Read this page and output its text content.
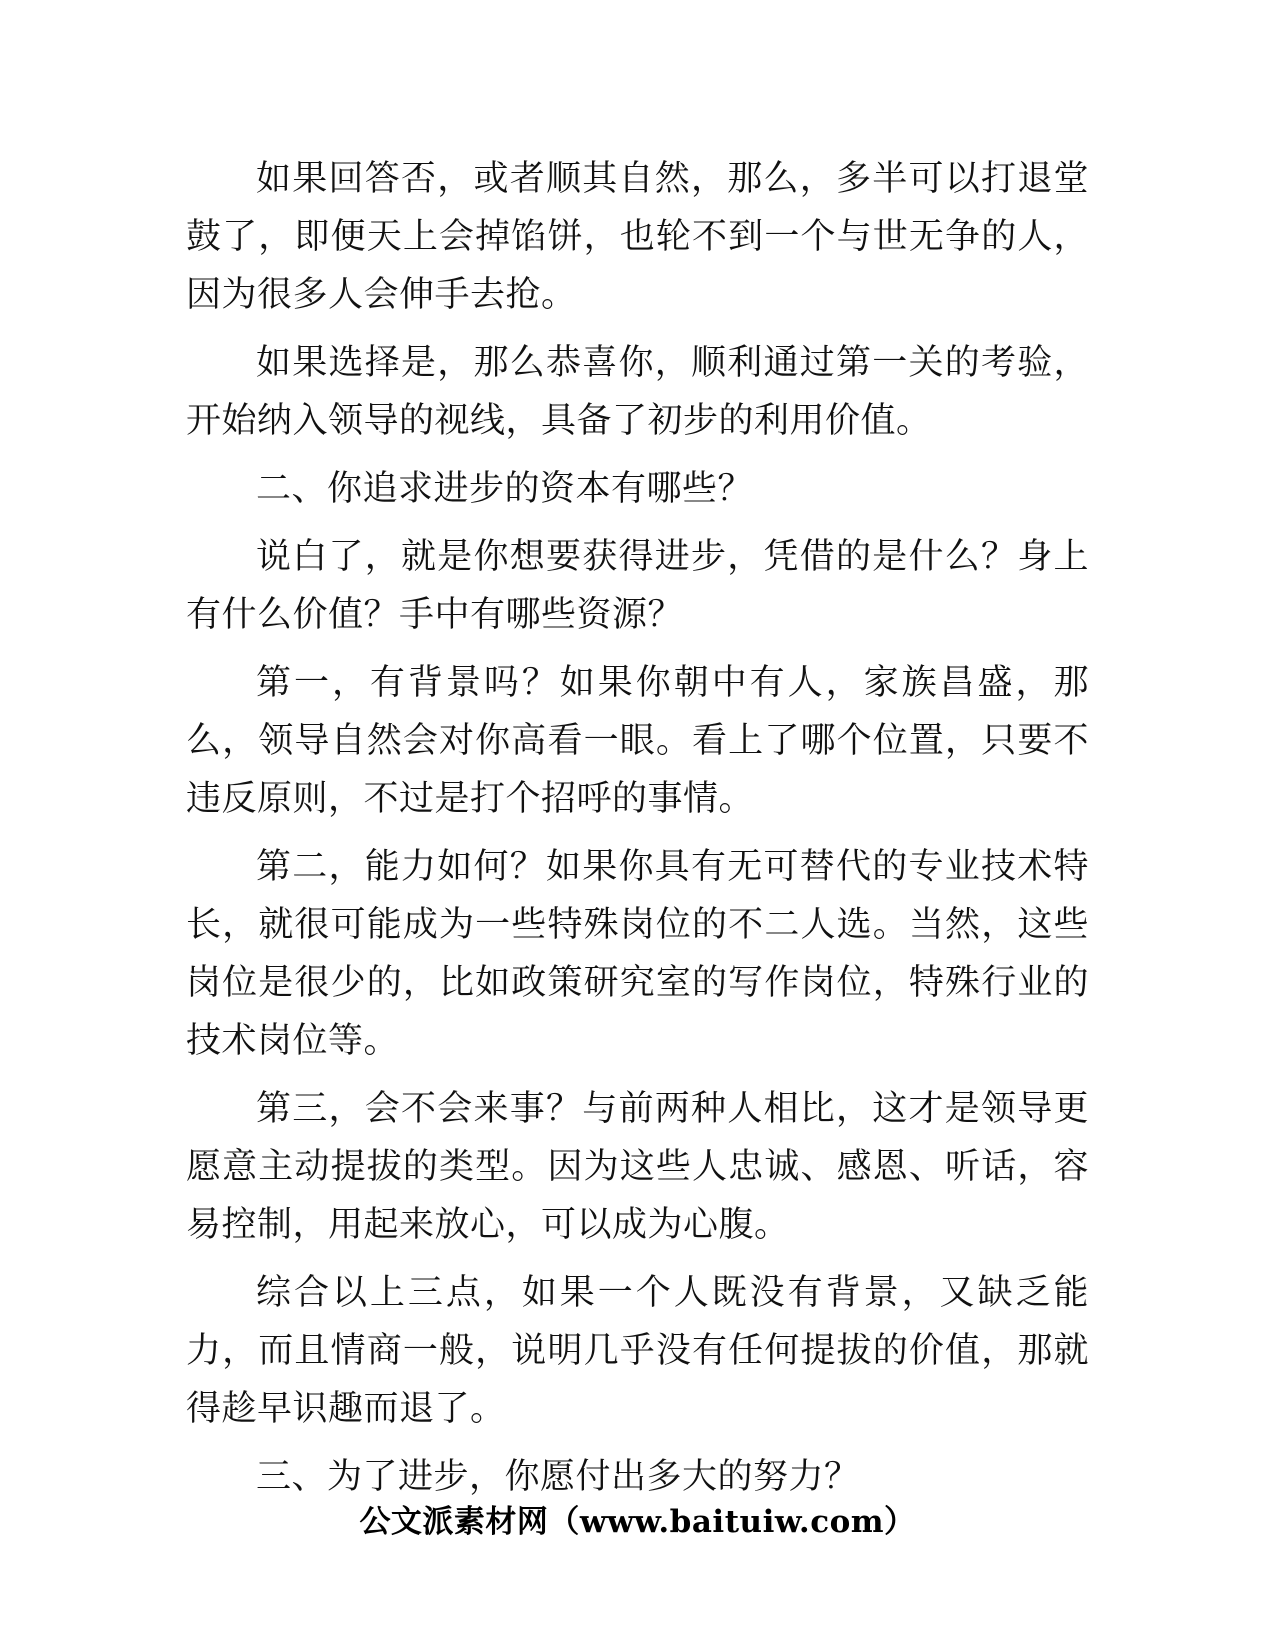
如果回答否，或者顺其自然，那么，多半可以打退堂鼓了，即便天上会掉馅饼，也轮不到一个与世无争的人，因为很多人会伸手去抢。

如果选择是，那么恭喜你，顺利通过第一关的考验，开始纳入领导的视线，具备了初步的利用价值。

二、你追求进步的资本有哪些？

说白了，就是你想要获得进步，凭借的是什么？身上有什么价值？手中有哪些资源？

第一，有背景吗？如果你朝中有人，家族昌盛，那么，领导自然会对你高看一眼。看上了哪个位置，只要不违反原则，不过是打个招呼的事情。

第二，能力如何？如果你具有无可替代的专业技术特长，就很可能成为一些特殊岗位的不二人选。当然，这些岗位是很少的，比如政策研究室的写作岗位，特殊行业的技术岗位等。

第三，会不会来事？与前两种人相比，这才是领导更愿意主动提拔的类型。因为这些人忠诚、感恩、听话，容易控制，用起来放心，可以成为心腹。

综合以上三点，如果一个人既没有背景，又缺乏能力，而且情商一般，说明几乎没有任何提拔的价值，那就得趁早识趣而退了。

三、为了进步，你愿付出多大的努力？

公文派素材网（www.baituiw.com）
